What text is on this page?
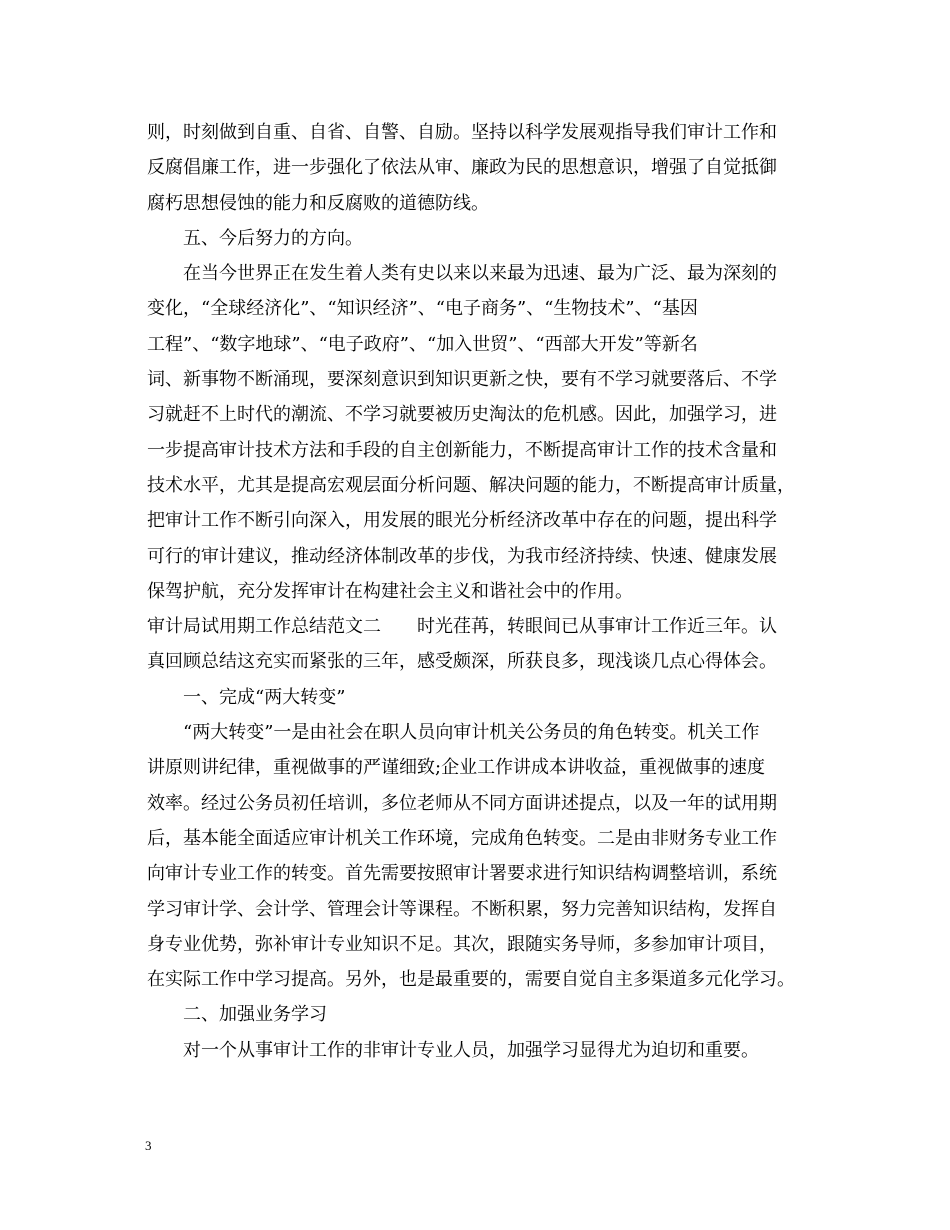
则，时刻做到自重、自省、自警、自励。坚持以科学发展观指导我们审计工作和
反腐倡廉工作，进一步强化了依法从审、廉政为民的思想意识，增强了自觉抵御
腐朽思想侵蚀的能力和反腐败的道德防线。
五、今后努力的方向。
在当今世界正在发生着人类有史以来以来最为迅速、最为广泛、最为深刻的
变化，“全球经济化”、“知识经济”、“电子商务”、“生物技术”、“基因
工程”、“数字地球”、“电子政府”、“加入世贸”、“西部大开发”等新名
词、新事物不断涌现，要深刻意识到知识更新之快，要有不学习就要落后、不学
习就赶不上时代的潮流、不学习就要被历史淘汰的危机感。因此，加强学习，进
一步提高审计技术方法和手段的自主创新能力，不断提高审计工作的技术含量和
技术水平，尤其是提高宏观层面分析问题、解决问题的能力，不断提高审计质量，
把审计工作不断引向深入，用发展的眼光分析经济改革中存在的问题，提出科学
可行的审计建议，推动经济体制改革的步伐，为我市经济持续、快速、健康发展
保驾护航，充分发挥审计在构建社会主义和谐社会中的作用。
审计局试用期工作总结范文二　　时光荏苒，转眼间已从事审计工作近三年。认
真回顾总结这充实而紧张的三年，感受颇深，所获良多，现浅谈几点心得体会。
一、完成“两大转变”
“两大转变”一是由社会在职人员向审计机关公务员的角色转变。机关工作
讲原则讲纪律，重视做事的严谨细致;企业工作讲成本讲收益，重视做事的速度
效率。经过公务员初任培训，多位老师从不同方面讲述提点，以及一年的试用期
后，基本能全面适应审计机关工作环境，完成角色转变。二是由非财务专业工作
向审计专业工作的转变。首先需要按照审计署要求进行知识结构调整培训，系统
学习审计学、会计学、管理会计等课程。不断积累，努力完善知识结构，发挥自
身专业优势，弥补审计专业知识不足。其次，跟随实务导师，多参加审计项目，
在实际工作中学习提高。另外，也是最重要的，需要自觉自主多渠道多元化学习。
二、加强业务学习
对一个从事审计工作的非审计专业人员，加强学习显得尤为迫切和重要。
3
